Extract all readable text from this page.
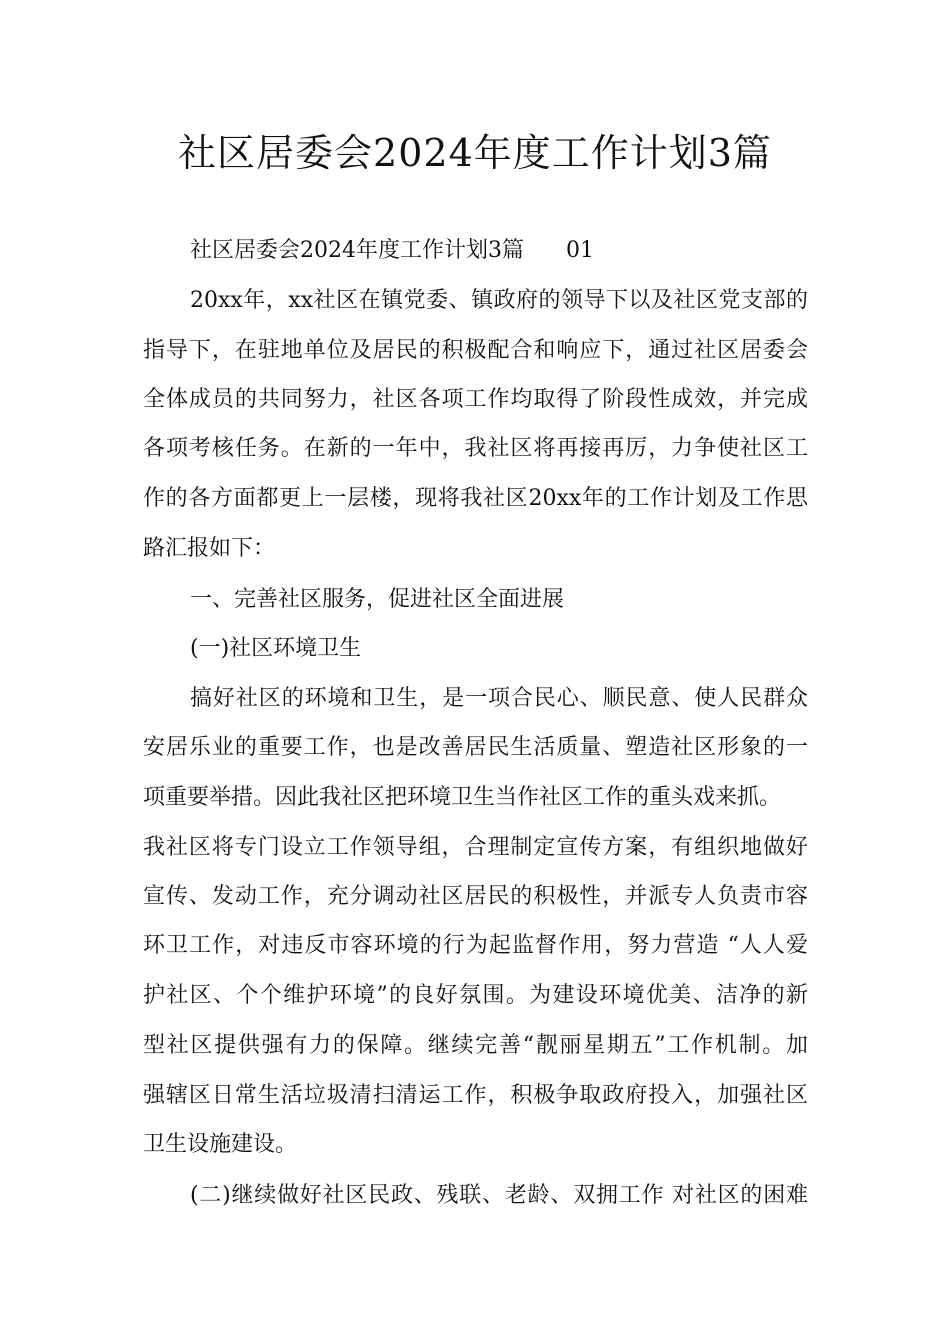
社区居委会2024年度工作计划3篇
社区居委会2024年度工作计划3篇 01
20xx年，xx社区在镇党委、镇政府的领导下以及社区党支部的
指导下，在驻地单位及居民的积极配合和响应下，通过社区居委会
全体成员的共同努力，社区各项工作均取得了阶段性成效，并完成
各项考核任务。在新的一年中，我社区将再接再厉，力争使社区工
作的各方面都更上一层楼，现将我社区20xx年的工作计划及工作思
路汇报如下：
一、完善社区服务，促进社区全面进展
(一)社区环境卫生
搞好社区的环境和卫生，是一项合民心、顺民意、使人民群众
安居乐业的重要工作，也是改善居民生活质量、塑造社区形象的一
项重要举措。因此我社区把环境卫生当作社区工作的重头戏来抓。
我社区将专门设立工作领导组，合理制定宣传方案，有组织地做好
宣传、发动工作，充分调动社区居民的积极性，并派专人负责市容
环卫工作，对违反市容环境的行为起监督作用，努力营造 “人人爱
护社区、个个维护环境”的良好氛围。为建设环境优美、洁净的新
型社区提供强有力的保障。继续完善“靓丽星期五”工作机制。加
强辖区日常生活垃圾清扫清运工作，积极争取政府投入，加强社区
卫生设施建设。
(二)继续做好社区民政、残联、老龄、双拥工作 对社区的困难
